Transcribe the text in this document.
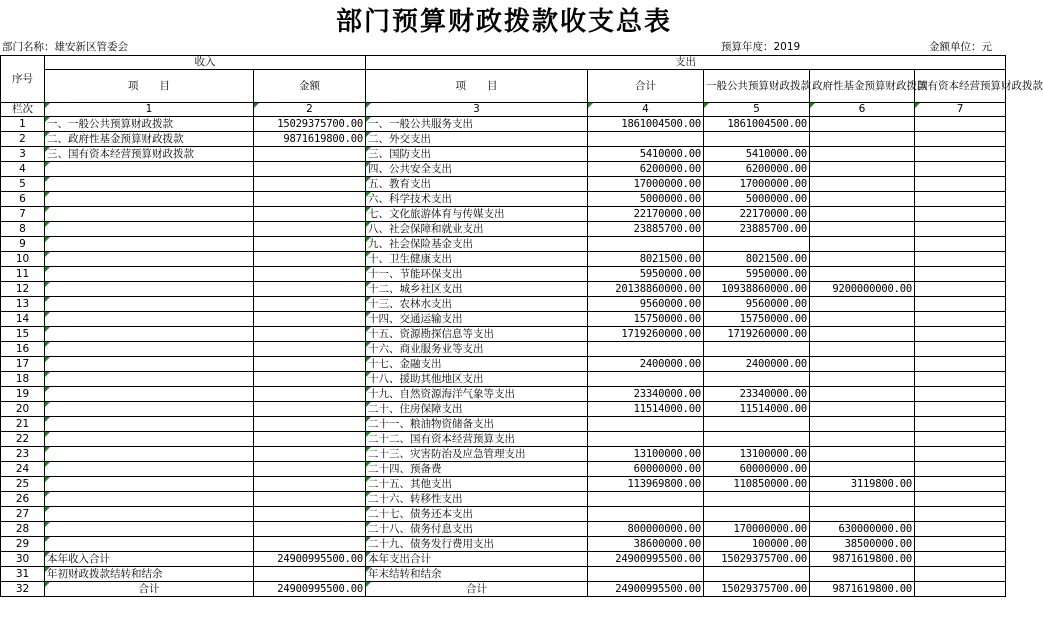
部门预算财政拨款收支总表
部门名称：雄安新区管委会	预算年度：2019	金额单位：元
序号	收入		支出				
	项　　目	金额	项　　目	合计	一般公共预算财政拨款	政府性基金预算财政拨款	国有资本经营预算财政拨款
栏次	1	2	3	4	5	6	7
1	一、一般公共预算财政拨款	15029375700.00	一、一般公共服务支出	1861004500.00	1861004500.00		
2	二、政府性基金预算财政拨款	9871619800.00	二、外交支出				
3	三、国有资本经营预算财政拨款		三、国防支出	5410000.00	5410000.00		
4			四、公共安全支出	6200000.00	6200000.00		
5			五、教育支出	17000000.00	17000000.00		
6			六、科学技术支出	5000000.00	5000000.00		
7			七、文化旅游体育与传媒支出	22170000.00	22170000.00		
8			八、社会保障和就业支出	23885700.00	23885700.00		
9			九、社会保险基金支出				
10			十、卫生健康支出	8021500.00	8021500.00		
11			十一、节能环保支出	5950000.00	5950000.00		
12			十二、城乡社区支出	20138860000.00	10938860000.00	9200000000.00	
13			十三、农林水支出	9560000.00	9560000.00		
14			十四、交通运输支出	15750000.00	15750000.00		
15			十五、资源勘探信息等支出	1719260000.00	1719260000.00		
16			十六、商业服务业等支出				
17			十七、金融支出	2400000.00	2400000.00		
18			十八、援助其他地区支出				
19			十九、自然资源海洋气象等支出	23340000.00	23340000.00		
20			二十、住房保障支出	11514000.00	11514000.00		
21			二十一、粮油物资储备支出				
22			二十二、国有资本经营预算支出				
23			二十三、灾害防治及应急管理支出	13100000.00	13100000.00		
24			二十四、预备费	60000000.00	60000000.00		
25			二十五、其他支出	113969800.00	110850000.00	3119800.00	
26			二十六、转移性支出				
27			二十七、债务还本支出				
28			二十八、债务付息支出	800000000.00	170000000.00	630000000.00	
29			二十九、债务发行费用支出	38600000.00	100000.00	38500000.00	
30	本年收入合计	24900995500.00	本年支出合计	24900995500.00	15029375700.00	9871619800.00	
31	年初财政拨款结转和结余		年末结转和结余				
32	合计	24900995500.00	合计	24900995500.00	15029375700.00	9871619800.00	
